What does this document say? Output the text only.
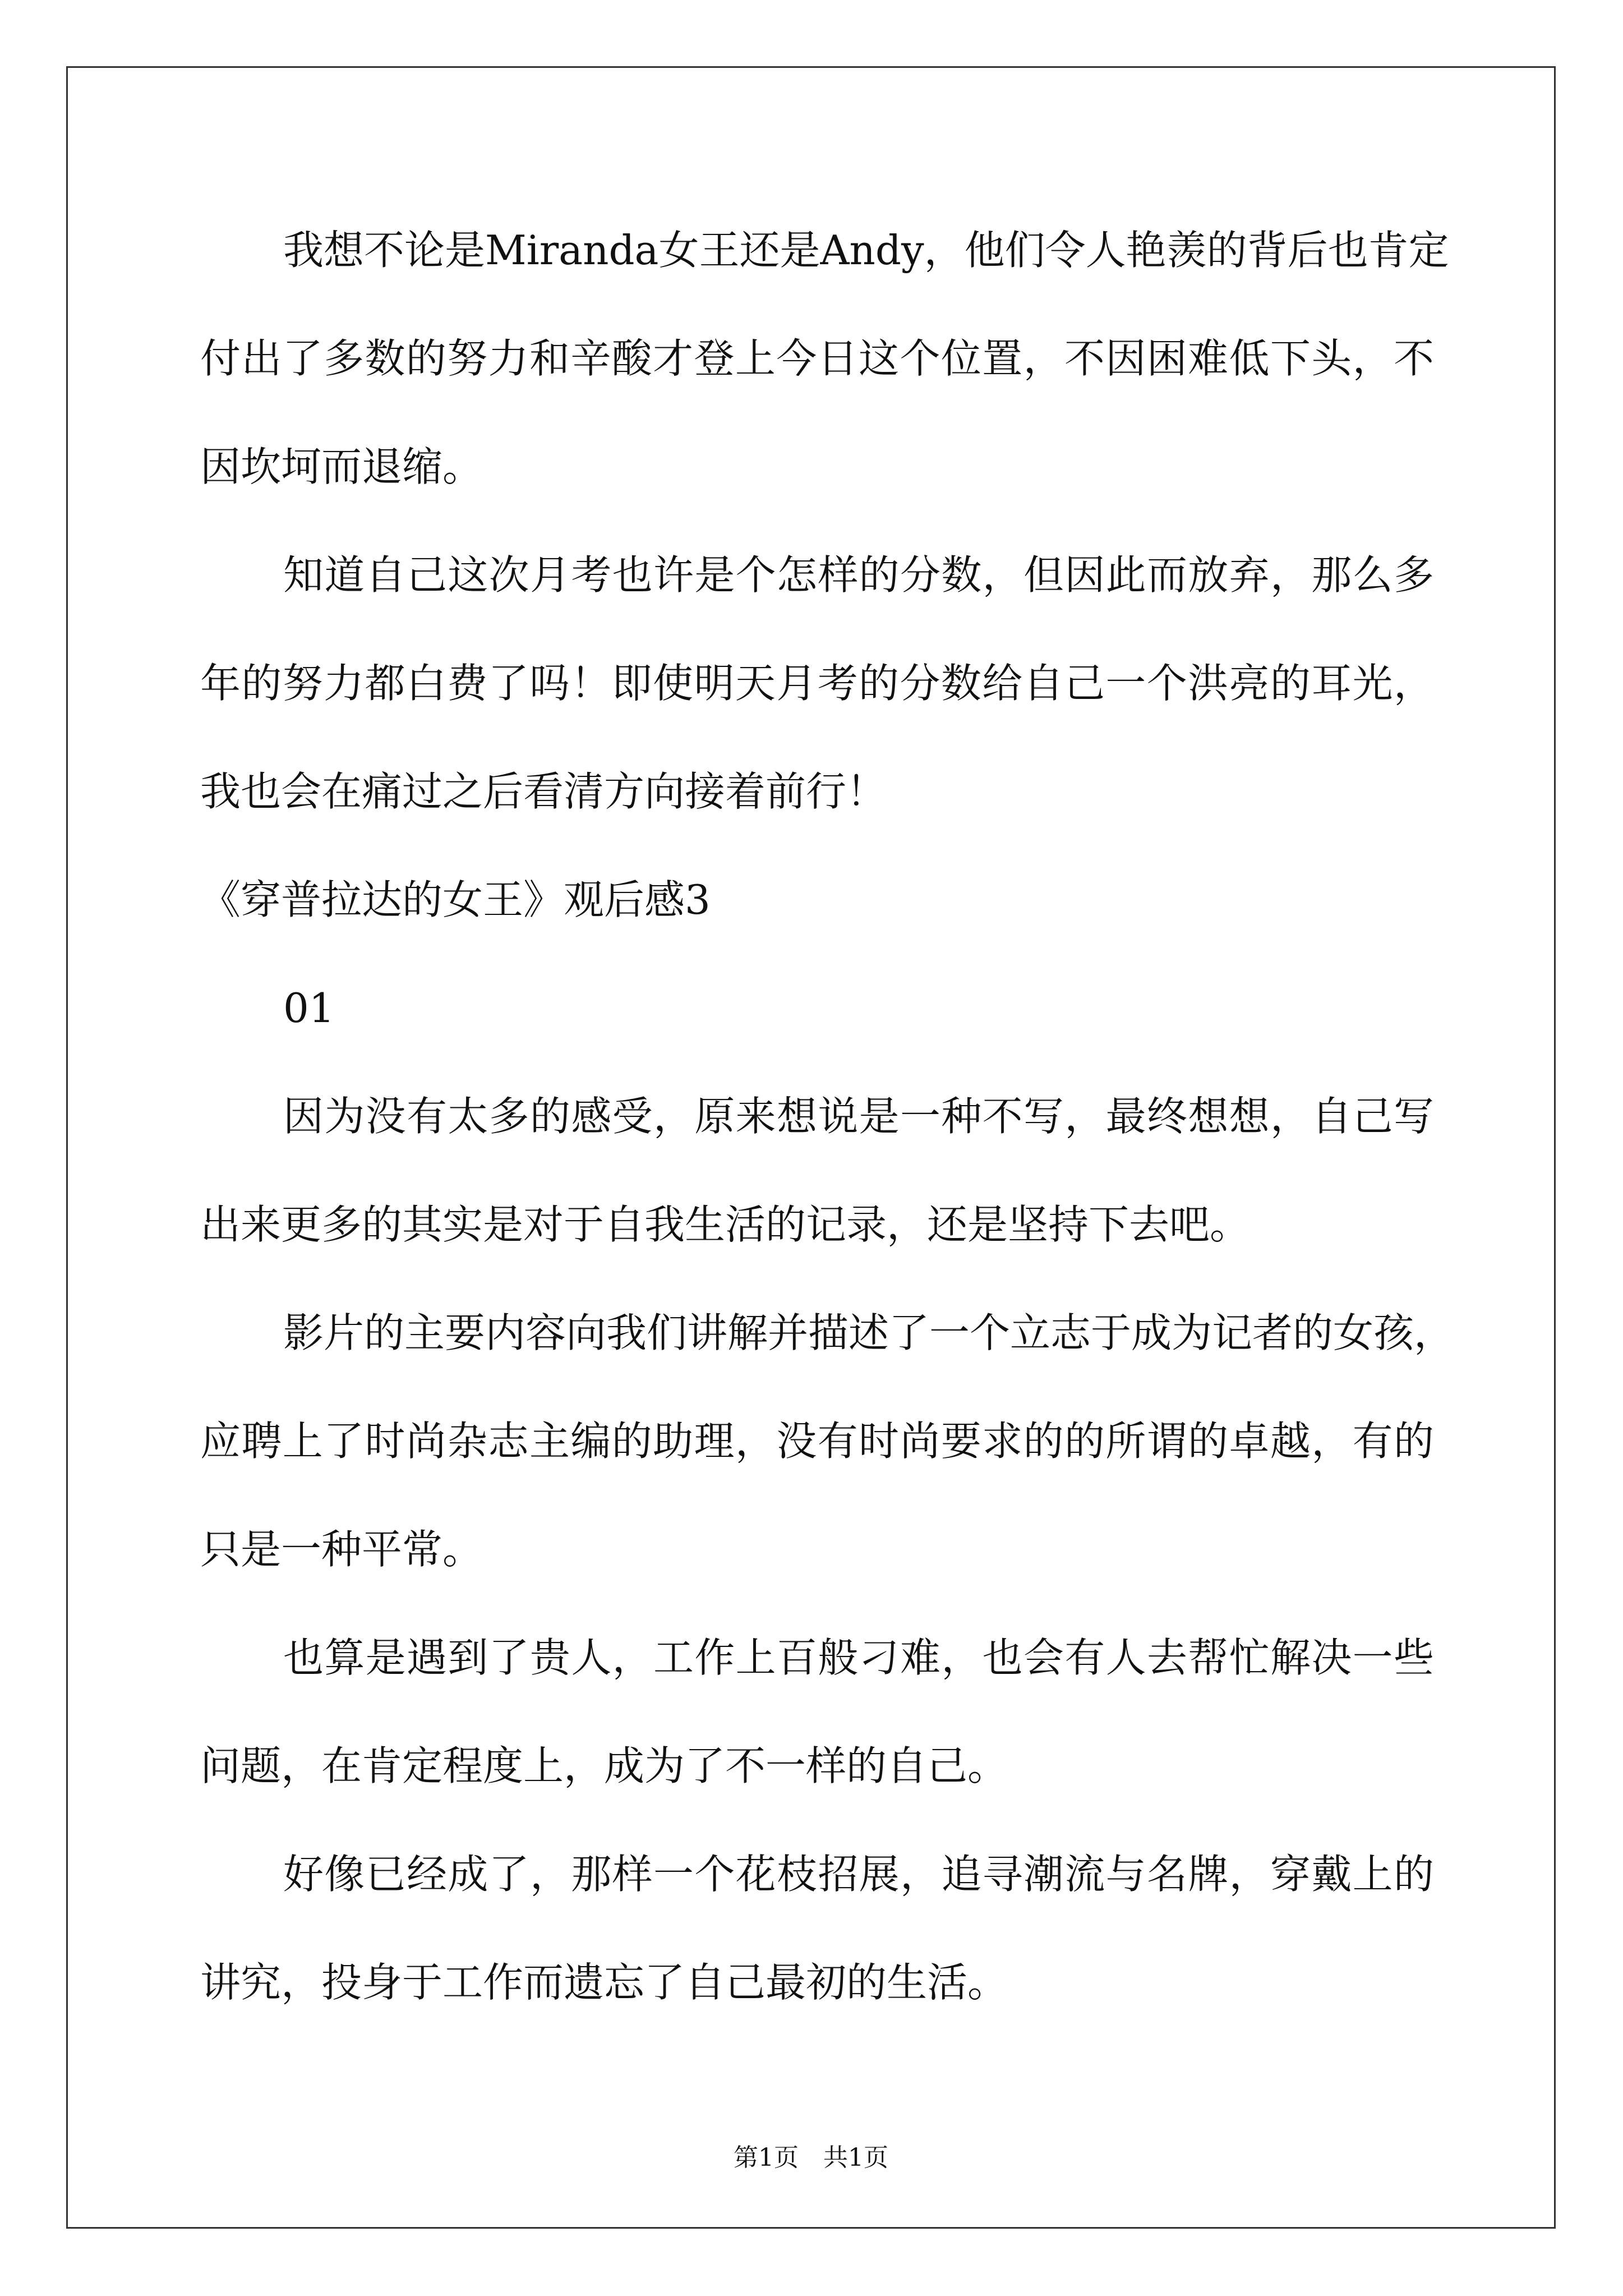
我想不论是Miranda女王还是Andy，他们令人艳羡的背后也肯定
付出了多数的努力和辛酸才登上今日这个位置，不因困难低下头，不
因坎坷而退缩。
知道自己这次月考也许是个怎样的分数，但因此而放弃，那么多
年的努力都白费了吗！即使明天月考的分数给自己一个洪亮的耳光，
我也会在痛过之后看清方向接着前行！
《穿普拉达的女王》观后感3
01
因为没有太多的感受，原来想说是一种不写，最终想想，自己写
出来更多的其实是对于自我生活的记录，还是坚持下去吧。
影片的主要内容向我们讲解并描述了一个立志于成为记者的女孩，
应聘上了时尚杂志主编的助理，没有时尚要求的的所谓的卓越，有的
只是一种平常。
也算是遇到了贵人，工作上百般刁难，也会有人去帮忙解决一些
问题，在肯定程度上，成为了不一样的自己。
好像已经成了，那样一个花枝招展，追寻潮流与名牌，穿戴上的
讲究，投身于工作而遗忘了自己最初的生活。
第1页　共1页
